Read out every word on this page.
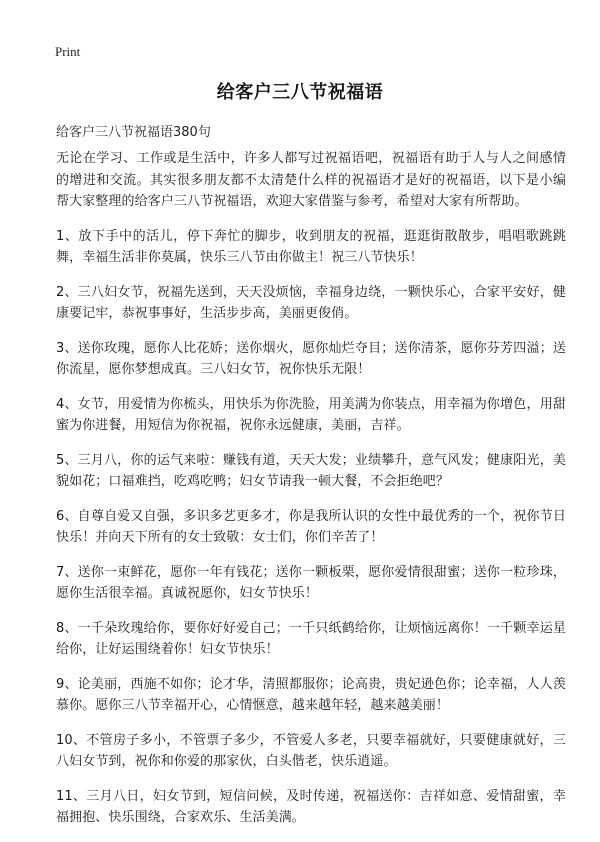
Print
给客户三八节祝福语
给客户三八节祝福语380句

无论在学习、工作或是生活中，许多人都写过祝福语吧，祝福语有助于人与人之间感情的增进和交流。其实很多朋友都不太清楚什么样的祝福语才是好的祝福语，以下是小编帮大家整理的给客户三八节祝福语，欢迎大家借鉴与参考，希望对大家有所帮助。

1、放下手中的活儿，停下奔忙的脚步，收到朋友的祝福，逛逛街散散步，唱唱歌跳跳舞，幸福生活非你莫属，快乐三八节由你做主！祝三八节快乐！

2、三八妇女节，祝福先送到，天天没烦恼，幸福身边绕，一颗快乐心，合家平安好，健康要记牢，恭祝事事好，生活步步高，美丽更俊俏。

3、送你玫瑰，愿你人比花娇；送你烟火，愿你灿烂夺目；送你清茶，愿你芬芳四溢；送你流星，愿你梦想成真。三八妇女节，祝你快乐无限！

4、女节，用爱情为你梳头，用快乐为你洗脸，用美满为你装点，用幸福为你增色，用甜蜜为你进餐，用短信为你祝福，祝你永远健康，美丽，吉祥。

5、三月八，你的运气来啦：赚钱有道，天天大发；业绩攀升，意气风发；健康阳光，美貌如花；口福难挡，吃鸡吃鸭；妇女节请我一顿大餐，不会拒绝吧？

6、自尊自爱又自强，多识多艺更多才，你是我所认识的女性中最优秀的一个，祝你节日快乐！并向天下所有的女士致敬：女士们，你们辛苦了！

7、送你一束鲜花，愿你一年有钱花；送你一颗板栗，愿你爱情很甜蜜；送你一粒珍珠，愿你生活很幸福。真诚祝愿你，妇女节快乐！

8、一千朵玫瑰给你，要你好好爱自己；一千只纸鹤给你，让烦恼远离你！一千颗幸运星给你，让好运围绕着你！妇女节快乐！

9、论美丽，西施不如你；论才华，清照都服你；论高贵，贵妃逊色你；论幸福，人人羡慕你。愿你三八节幸福开心，心情惬意，越来越年轻，越来越美丽！

10、不管房子多小，不管票子多少，不管爱人多老，只要幸福就好，只要健康就好，三八妇女节到，祝你和你爱的那家伙，白头偕老，快乐逍遥。

11、三月八日，妇女节到，短信问候，及时传递，祝福送你：吉祥如意、爱情甜蜜，幸福拥抱、快乐围绕，合家欢乐、生活美满。
